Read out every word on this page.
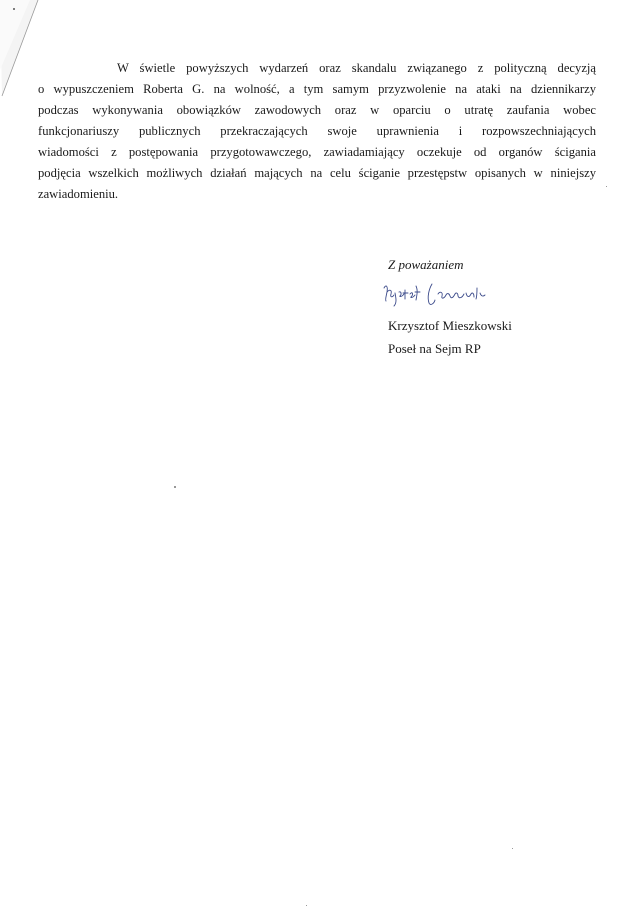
W świetle powyższych wydarzeń oraz skandalu związanego z polityczną decyzją
o wypuszczeniem Roberta G. na wolność, a tym samym przyzwolenie na ataki na dziennikarzy
podczas wykonywania obowiązków zawodowych oraz w oparciu o utratę zaufania wobec
funkcjonariuszy publicznych przekraczających swoje uprawnienia i rozpowszechniających
wiadomości z postępowania przygotowawczego, zawiadamiający oczekuje od organów ścigania
podjęcia wszelkich możliwych działań mających na celu ściganie przestępstw opisanych w niniejszy
zawiadomieniu.
Z poważaniem
Krzysztof Mieszkowski
Poseł na Sejm RP
